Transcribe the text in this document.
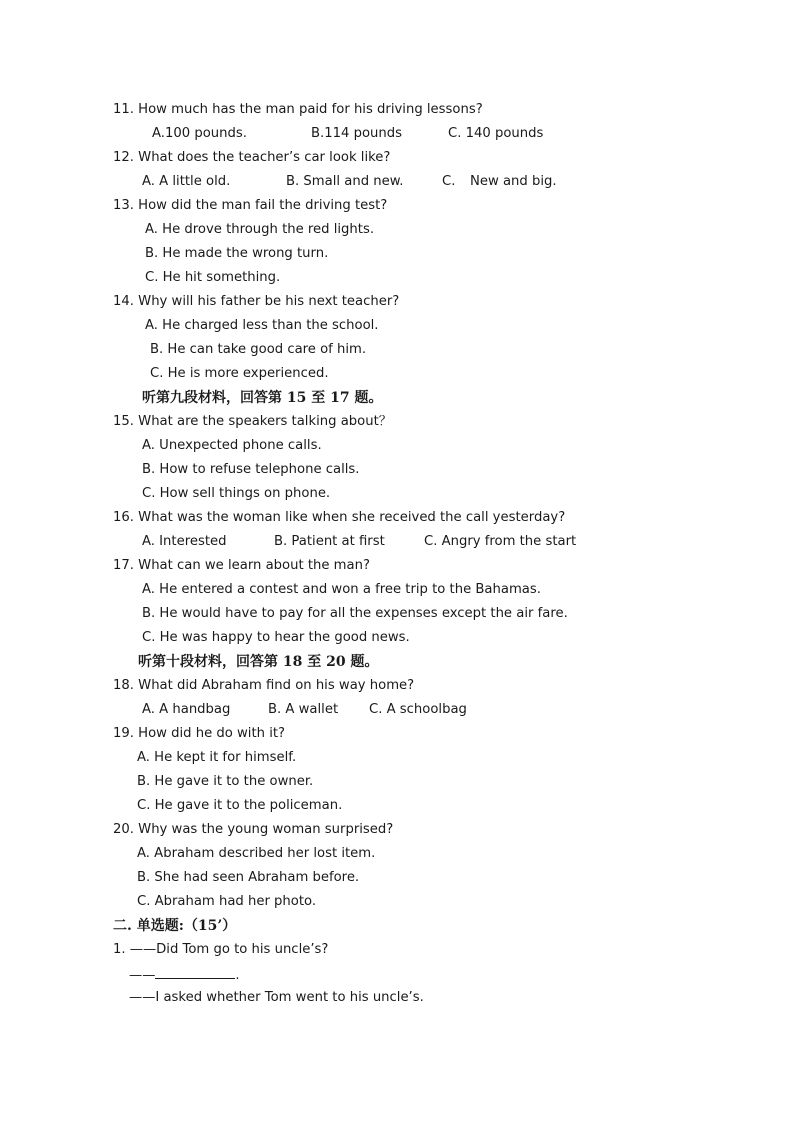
11. How much has the man paid for his driving lessons?
A.100 pounds.	B.114 pounds	C. 140 pounds
12. What does the teacher’s car look like?
A. A little old.	B. Small and new.	C. New and big.
13. How did the man fail the driving test?
A. He drove through the red lights.
B. He made the wrong turn.
C. He hit something.
14. Why will his father be his next teacher?
A. He charged less than the school.
B. He can take good care of him.
C. He is more experienced.
听第九段材料，回答第 15 至 17 题。
15. What are the speakers talking about？
A. Unexpected phone calls.
B. How to refuse telephone calls.
C. How sell things on phone.
16. What was the woman like when she received the call yesterday?
A. Interested	B. Patient at first	C. Angry from the start
17. What can we learn about the man?
A. He entered a contest and won a free trip to the Bahamas.
B. He would have to pay for all the expenses except the air fare.
C. He was happy to hear the good news.
听第十段材料，回答第 18 至 20 题。
18. What did Abraham find on his way home?
A. A handbag	B. A wallet C. A schoolbag
19. How did he do with it?
A. He kept it for himself.
B. He gave it to the owner.
C. He gave it to the policeman.
20. Why was the young woman surprised?
A. Abraham described her lost item.
B. She had seen Abraham before.
C. Abraham had her photo.
二. 单选题:（15’）
1. ——Did Tom go to his uncle’s?
——	.
——I asked whether Tom went to his uncle’s.
